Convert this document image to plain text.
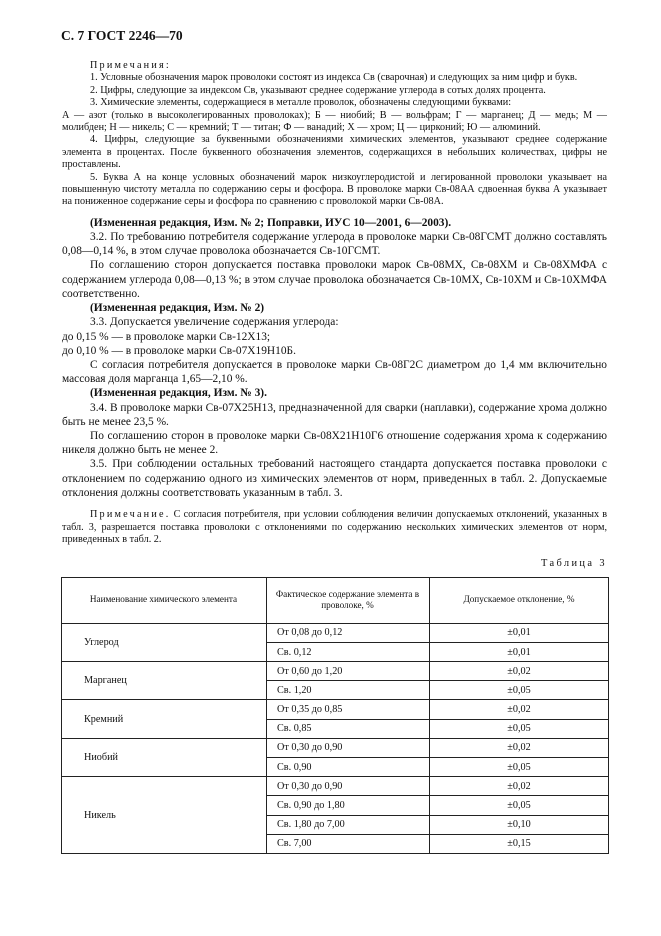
С. 7 ГОСТ 2246—70

Примечания:

1. Условные обозначения марок проволоки состоят из индекса Св (сварочная) и следующих за ним цифр и букв.

2. Цифры, следующие за индексом Св, указывают среднее содержание углерода в сотых долях процента.

3. Химические элементы, содержащиеся в металле проволок, обозначены следующими буквами:

А — азот (только в высоколегированных проволоках); Б — ниобий; В — вольфрам; Г — марганец; Д — медь; М — молибден; Н — никель; С — кремний; Т — титан; Ф — ванадий; Х — хром; Ц — цирконий; Ю — алюминий.

4. Цифры, следующие за буквенными обозначениями химических элементов, указывают среднее содержание элемента в процентах. После буквенного обозначения элементов, содержащихся в небольших количествах, цифры не проставлены.

5. Буква А на конце условных обозначений марок низкоуглеродистой и легированной проволоки указывает на повышенную чистоту металла по содержанию серы и фосфора. В проволоке марки Св-08АА сдвоенная буква А указывает на пониженное содержание серы и фосфора по сравнению с проволокой марки Св-08А.

(Измененная редакция, Изм. № 2; Поправки, ИУС 10—2001, 6—2003).

3.2. По требованию потребителя содержание углерода в проволоке марки Св-08ГСМТ должно составлять 0,08—0,14 %, в этом случае проволока обозначается Св-10ГСМТ.

По соглашению сторон допускается поставка проволоки марок Св-08МХ, Св-08ХМ и Св-08ХМФА с содержанием углерода 0,08—0,13 %; в этом случае проволока обозначается Св-10МХ, Св-10ХМ и Св-10ХМФА соответственно.

(Измененная редакция, Изм. № 2)

3.3. Допускается увеличение содержания углерода:

до 0,15 % — в проволоке марки Св-12Х13;

до 0,10 % — в проволоке марки Св-07Х19Н10Б.

С согласия потребителя допускается в проволоке марки Св-08Г2С диаметром до 1,4 мм включительно массовая доля марганца 1,65—2,10 %.

(Измененная редакция, Изм. № 3).

3.4. В проволоке марки Св-07Х25Н13, предназначенной для сварки (наплавки), содержание хрома должно быть не менее 23,5 %.

По соглашению сторон в проволоке марки Св-08Х21Н10Г6 отношение содержания хрома к содержанию никеля должно быть не менее 2.

3.5. При соблюдении остальных требований настоящего стандарта допускается поставка проволоки с отклонением по содержанию одного из химических элементов от норм, приведенных в табл. 2. Допускаемые отклонения должны соответствовать указанным в табл. 3.

Примечание. С согласия потребителя, при условии соблюдения величин допускаемых отклонений, указанных в табл. 3, разрешается поставка проволоки с отклонениями по содержанию нескольких химических элементов от норм, приведенных в табл. 2.

Таблица 3
Наименование химического элемента	Фактическое содержание элемента в проволоке, %	Допускаемое отклонение, %
Углерод	От 0,08 до 0,12	±0,01
	Св. 0,12	±0,01
Марганец	От 0,60 до 1,20	±0,02
	Св. 1,20	±0,05
Кремний	От 0,35 до 0,85	±0,02
	Св. 0,85	±0,05
Ниобий	От 0,30 до 0,90	±0,02
	Св. 0,90	±0,05
Никель	От 0,30 до 0,90	±0,02
	Св. 0,90 до 1,80	±0,05
	Св. 1,80 до 7,00	±0,10
	Св. 7,00	±0,15
